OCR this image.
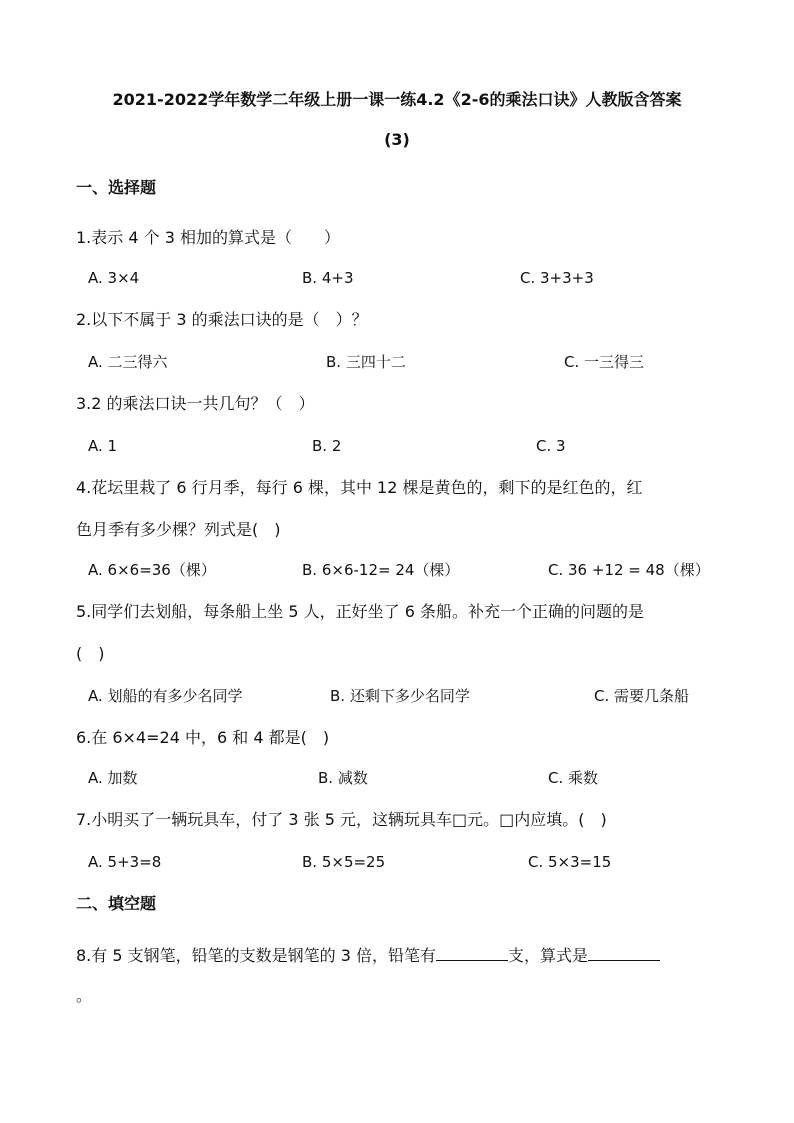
2021-2022学年数学二年级上册一课一练4.2《2-6的乘法口诀》人教版含答案
(3)
一、选择题
1.表示 4 个 3 相加的算式是（　　）
A. 3×4	B. 4+3	C. 3+3+3
2.以下不属于 3 的乘法口诀的是（　）？
A. 二三得六	B. 三四十二	C. 一三得三
3.2 的乘法口诀一共几句？（　）
A. 1	B. 2	C. 3
4.花坛里栽了 6 行月季，每行 6 棵，其中 12 棵是黄色的，剩下的是红色的，红
色月季有多少棵？列式是(　)
A. 6×6=36（棵）	B. 6×6-12= 24（棵）	C. 36 +12 = 48（棵）
5.同学们去划船，每条船上坐 5 人，正好坐了 6 条船。补充一个正确的问题的是
(　)
A. 划船的有多少名同学	B. 还剩下多少名同学	C. 需要几条船
6.在 6×4=24 中，6 和 4 都是(　)
A. 加数	B. 减数	C. 乘数
7.小明买了一辆玩具车，付了 3 张 5 元，这辆玩具车□元。□内应填。(　)
A. 5+3=8	B. 5×5=25	C. 5×3=15
二、填空题
8.有 5 支钢笔，铅笔的支数是钢笔的 3 倍，铅笔有	支，算式是
。
